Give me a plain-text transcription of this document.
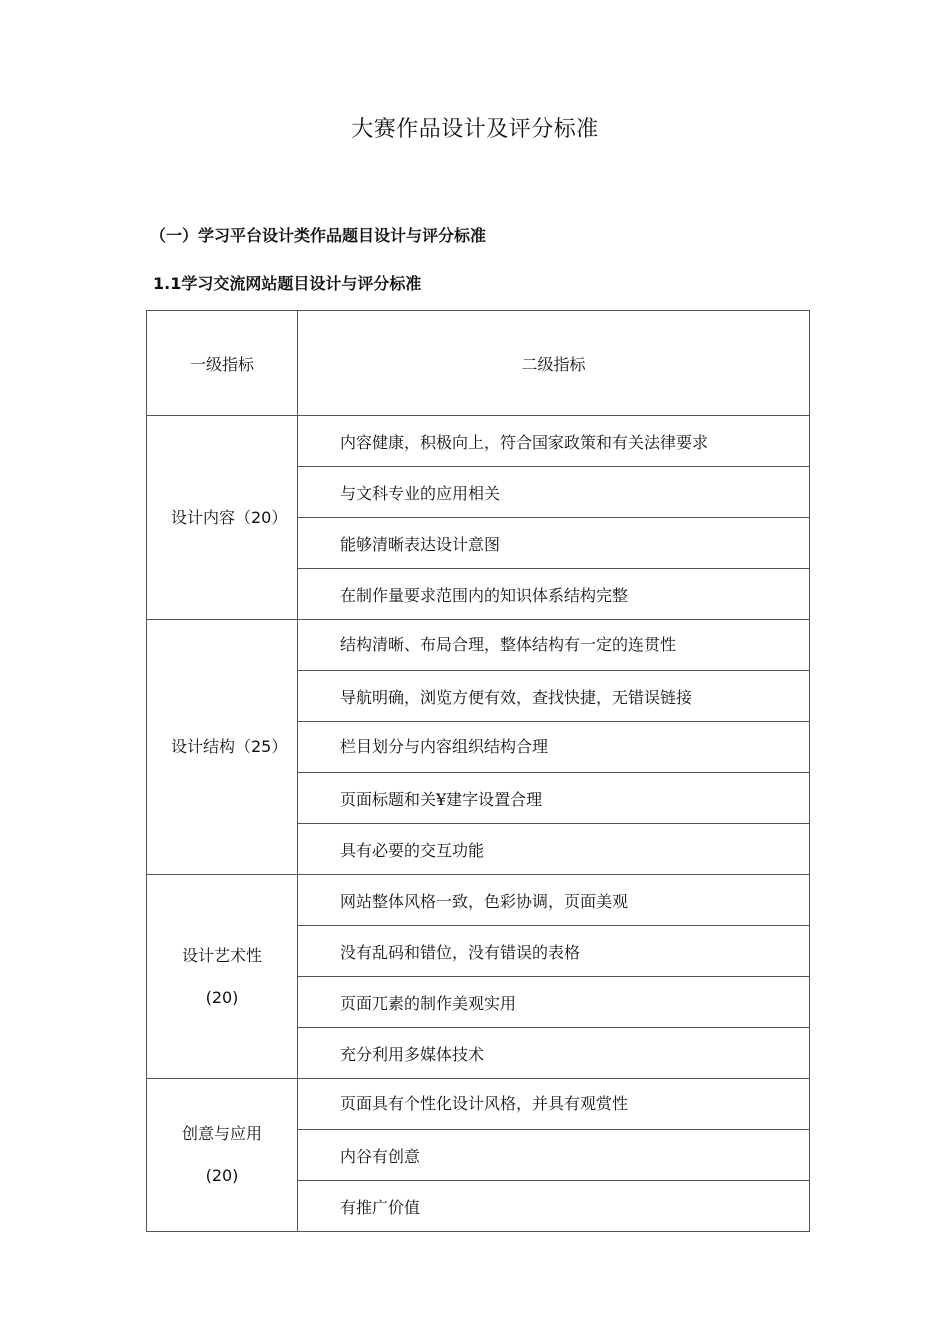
大赛作品设计及评分标准
（一）学习平台设计类作品题目设计与评分标准
1.1学习交流网站题目设计与评分标准
一级指标	二级指标

设计内容（20）	内容健康，积极向上，符合国家政策和有关法律要求
	与文科专业的应用相关
	能够清晰表达设计意图
	在制作量要求范围内的知识体系结构完整

设计结构（25）	结构清晰、布局合理，整体结构有一定的连贯性
	导航明确，浏览方便有效，查找快捷，无错误链接
	栏目划分与内容组织结构合理
	页面标题和关¥建字设置合理
	具有必要的交互功能

设计艺术性
(20)	网站整体风格一致，色彩协调，页面美观
	没有乱码和错位，没有错误的表格
	页面兀素的制作美观实用
	充分利用多媒体技术

创意与应用
(20)	页面具有个性化设计风格，并具有观赏性
	内谷有创意
	有推广价值
